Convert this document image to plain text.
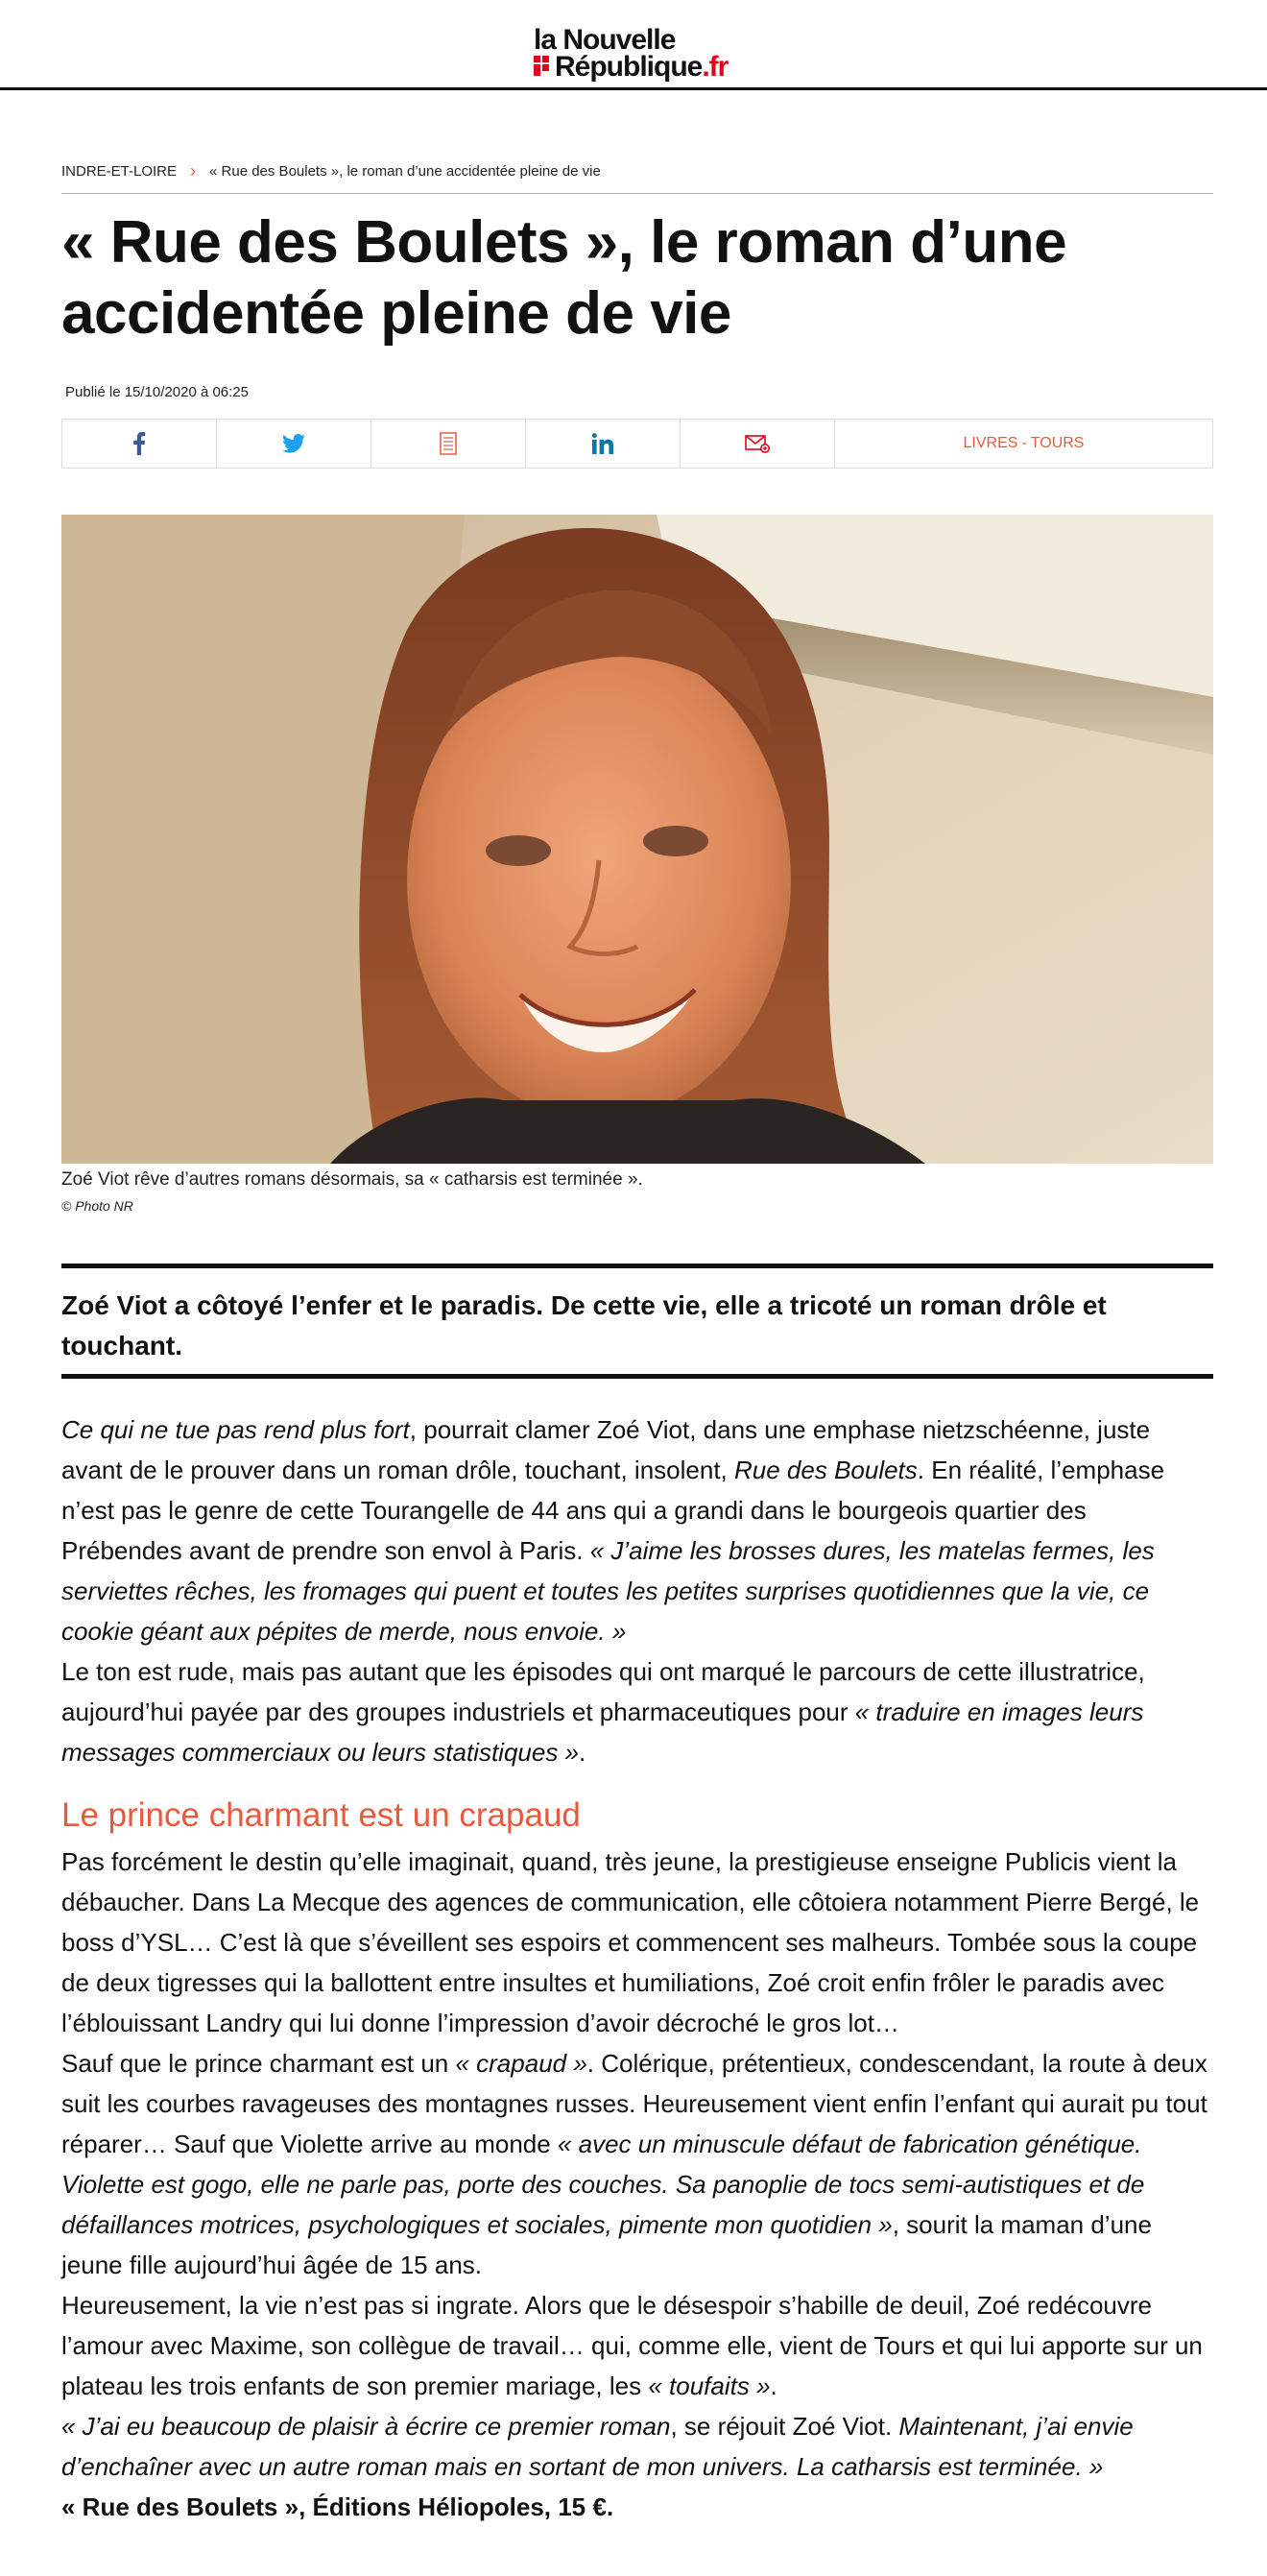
la Nouvelle
République.fr
INDRE-ET-LOIRE › « Rue des Boulets », le roman d’une accidentée pleine de vie
« Rue des Boulets », le roman d’une accidentée pleine de vie
Publié le 15/10/2020 à 06:25
LIVRES - TOURS
Zoé Viot rêve d’autres romans désormais, sa « catharsis est terminée ».
© Photo NR
Zoé Viot a côtoyé l’enfer et le paradis. De cette vie, elle a tricoté un roman drôle et touchant.

Ce qui ne tue pas rend plus fort, pourrait clamer Zoé Viot, dans une emphase nietzschéenne, juste avant de le prouver dans un roman drôle, touchant, insolent, Rue des Boulets. En réalité, l’emphase n’est pas le genre de cette Tourangelle de 44 ans qui a grandi dans le bourgeois quartier des Prébendes avant de prendre son envol à Paris. « J’aime les brosses dures, les matelas fermes, les serviettes rêches, les fromages qui puent et toutes les petites surprises quotidiennes que la vie, ce cookie géant aux pépites de merde, nous envoie. »

Le ton est rude, mais pas autant que les épisodes qui ont marqué le parcours de cette illustratrice, aujourd’hui payée par des groupes industriels et pharmaceutiques pour « traduire en images leurs messages commerciaux ou leurs statistiques ».

Le prince charmant est un crapaud

Pas forcément le destin qu’elle imaginait, quand, très jeune, la prestigieuse enseigne Publicis vient la débaucher. Dans La Mecque des agences de communication, elle côtoiera notamment Pierre Bergé, le boss d’YSL… C’est là que s’éveillent ses espoirs et commencent ses malheurs. Tombée sous la coupe de deux tigresses qui la ballottent entre insultes et humiliations, Zoé croit enfin frôler le paradis avec l’éblouissant Landry qui lui donne l’impression d’avoir décroché le gros lot…

Sauf que le prince charmant est un « crapaud ». Colérique, prétentieux, condescendant, la route à deux suit les courbes ravageuses des montagnes russes. Heureusement vient enfin l’enfant qui aurait pu tout réparer… Sauf que Violette arrive au monde « avec un minuscule défaut de fabrication génétique. Violette est gogo, elle ne parle pas, porte des couches. Sa panoplie de tocs semi-autistiques et de défaillances motrices, psychologiques et sociales, pimente mon quotidien », sourit la maman d’une jeune fille aujourd’hui âgée de 15 ans.

Heureusement, la vie n’est pas si ingrate. Alors que le désespoir s’habille de deuil, Zoé redécouvre l’amour avec Maxime, son collègue de travail… qui, comme elle, vient de Tours et qui lui apporte sur un plateau les trois enfants de son premier mariage, les « toufaits ».

« J’ai eu beaucoup de plaisir à écrire ce premier roman, se réjouit Zoé Viot. Maintenant, j’ai envie d’enchaîner avec un autre roman mais en sortant de mon univers. La catharsis est terminée. »

« Rue des Boulets », Éditions Héliopoles, 15 €.
